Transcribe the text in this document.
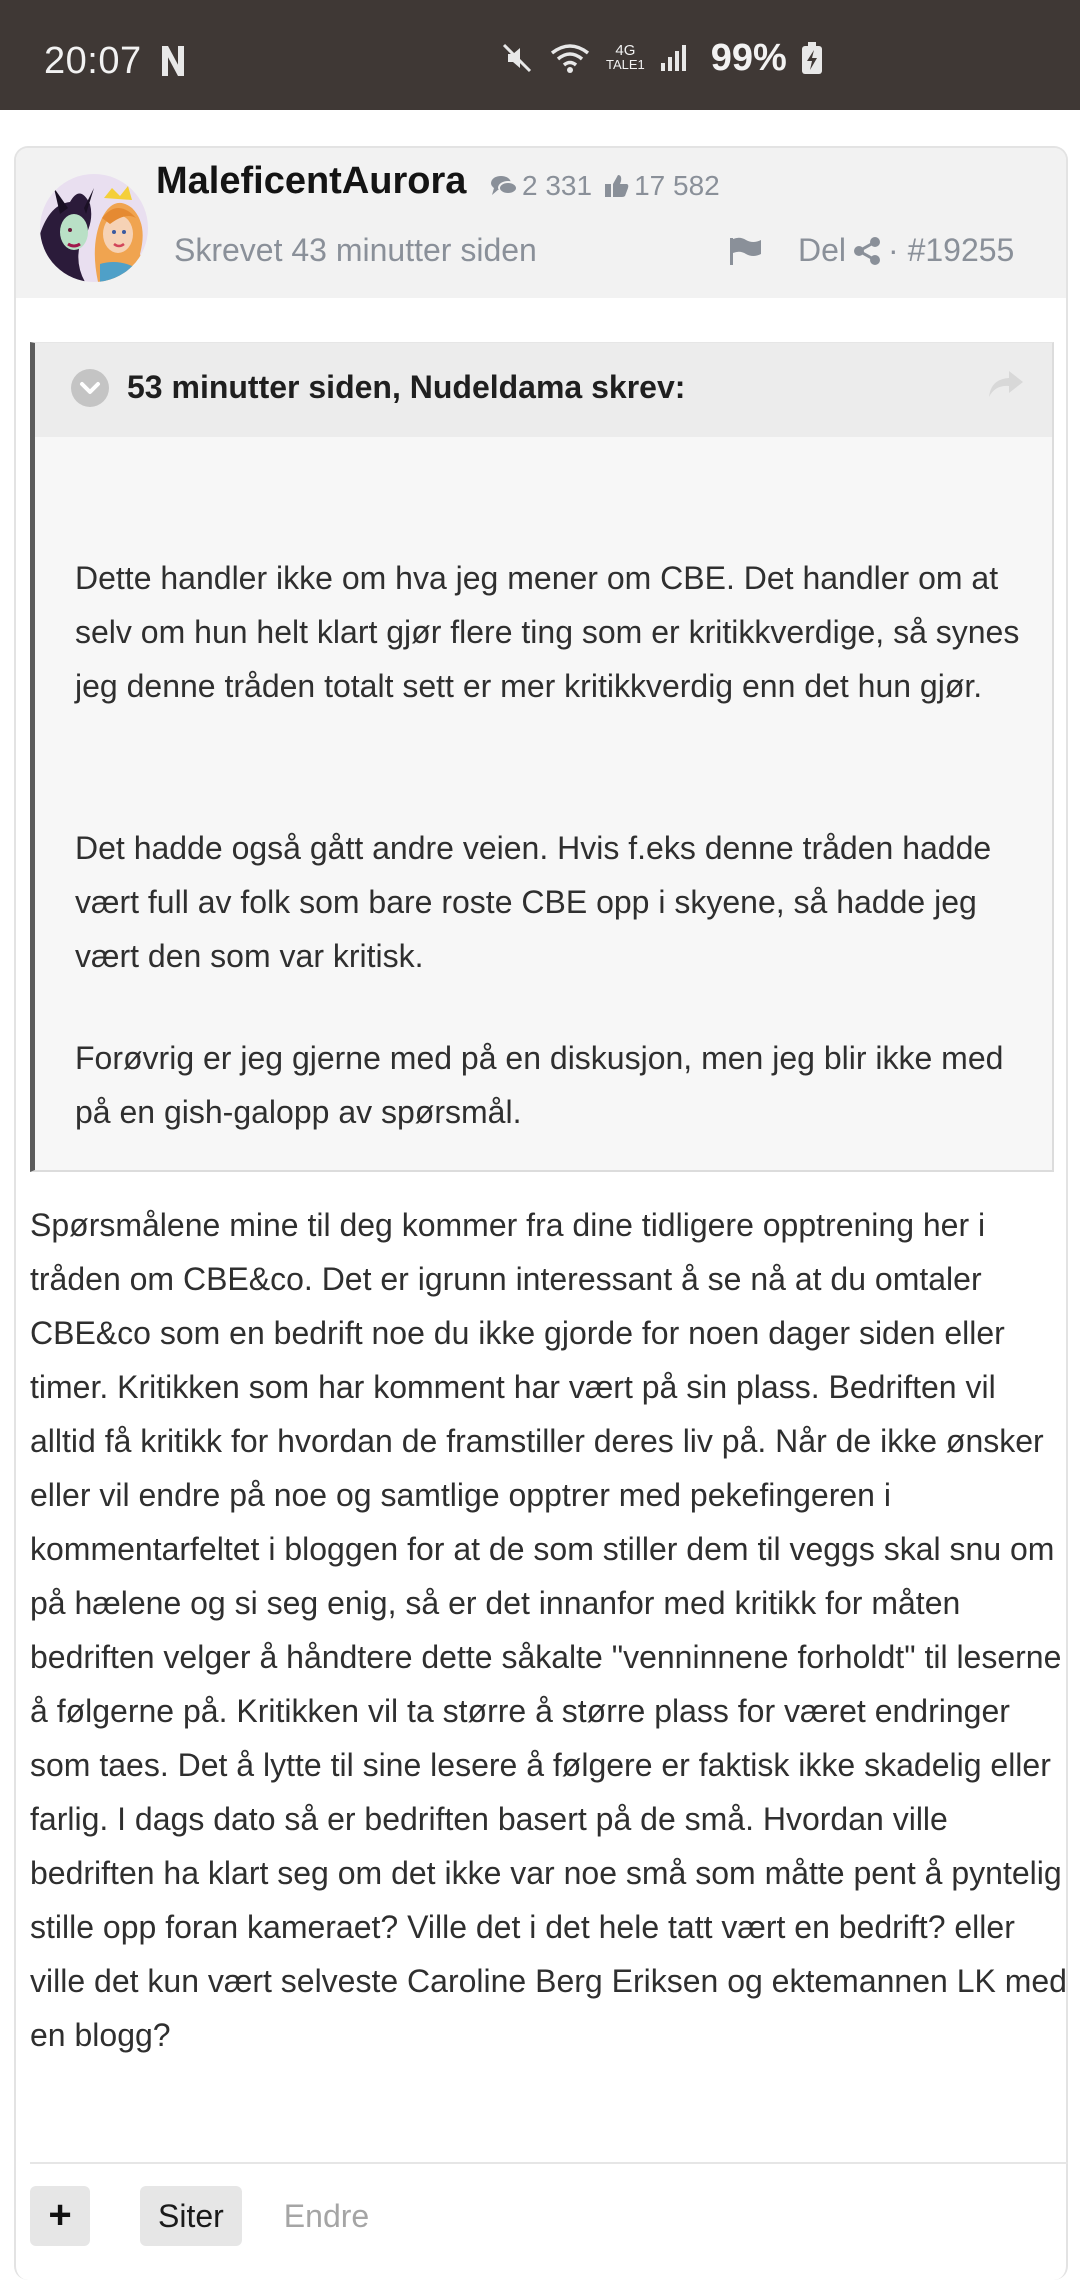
20:07	4G
TALE1 99%
MaleficentAurora 2 331 17 582
Skrevet 43 minutter siden	Del · #19255
53 minutter siden, Nudeldama skrev:

Dette handler ikke om hva jeg mener om CBE. Det handler om at selv om hun helt klart gjør flere ting som er kritikkverdige, så synes jeg denne tråden totalt sett er mer kritikkverdig enn det hun gjør.

Det hadde også gått andre veien. Hvis f.eks denne tråden hadde vært full av folk som bare roste CBE opp i skyene, så hadde jeg vært den som var kritisk.

Forøvrig er jeg gjerne med på en diskusjon, men jeg blir ikke med på en gish-galopp av spørsmål.

Spørsmålene mine til deg kommer fra dine tidligere opptrening her i tråden om CBE&co. Det er igrunn interessant å se nå at du omtaler CBE&co som en bedrift noe du ikke gjorde for noen dager siden eller timer. Kritikken som har komment har vært på sin plass. Bedriften vil alltid få kritikk for hvordan de framstiller deres liv på. Når de ikke ønsker eller vil endre på noe og samtlige opptrer med pekefingeren i kommentarfeltet i bloggen for at de som stiller dem til veggs skal snu om på hælene og si seg enig, så er det innanfor med kritikk for måten bedriften velger å håndtere dette såkalte "venninnene forholdt" til leserne å følgerne på. Kritikken vil ta større å større plass for været endringer som taes. Det å lytte til sine lesere å følgere er faktisk ikke skadelig eller farlig. I dags dato så er bedriften basert på de små. Hvordan ville bedriften ha klart seg om det ikke var noe små som måtte pent å pyntelig stille opp foran kameraet? Ville det i det hele tatt vært en bedrift? eller ville det kun vært selveste Caroline Berg Eriksen og ektemannen LK med en blogg?

+	Siter	Endre
